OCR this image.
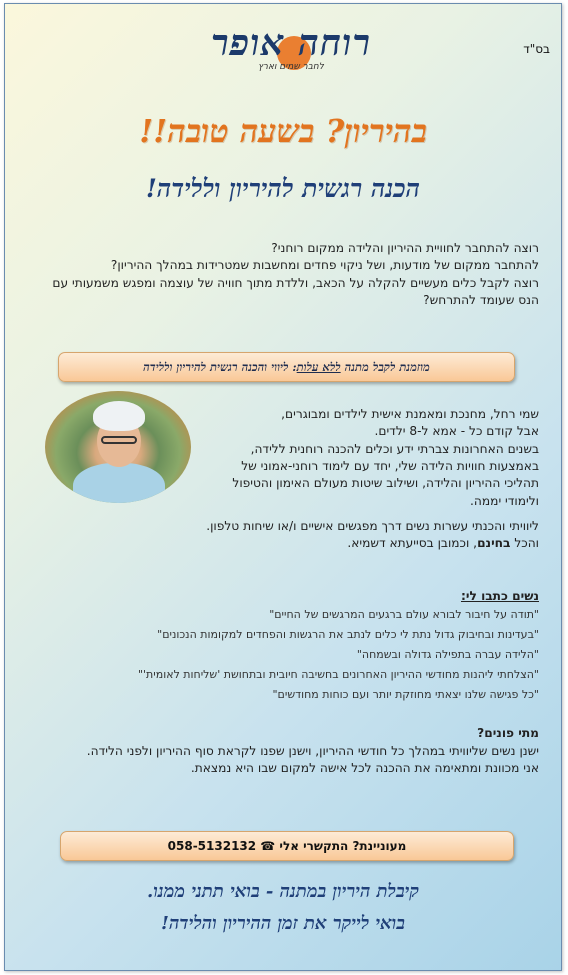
בס"ד
רוחה אופר
לחבר שמים וארץ
בהיריון? בשעה טובה!!
הכנה רגשית להיריון וללידה!

רוצה להתחבר לחוויית ההיריון והלידה ממקום רוחני?

להתחבר ממקום של מודעות, ושל ניקוי פחדים ומחשבות שמטרידות במהלך ההיריון?

רוצה לקבל כלים מעשיים להקלה על הכאב, וללדת מתוך חוויה של עוצמה ומפגש משמעותי עם הנס שעומד להתרחש?

מוזמנת לקבל מתנה ללא עלות: ליווי והכנה רגשית להיריון וללידה

שמי רחל, מחנכת ומאמנת אישית לילדים ומבוגרים,

אבל קודם כל - אמא ל-8 ילדים.

בשנים האחרונות צברתי ידע וכלים להכנה רוחנית ללידה, באמצעות חוויות הלידה שלי, יחד עם לימוד רוחני-אמוני של תהליכי ההיריון והלידה, ושילוב שיטות מעולם האימון והטיפול ולימודי יממה.

ליוויתי והכנתי עשרות נשים דרך מפגשים אישיים ו/או שיחות טלפון.

והכל בחינם, וכמובן בסייעתא דשמיא.

נשים כתבו לי:
"תודה על חיבור לבורא עולם ברגעים המרגשים של החיים"
"בעדינות ובחיבוק גדול נתת לי כלים לנתב את הרגשות והפחדים למקומות הנכונים"
"הלידה עברה בתפילה גדולה ובשמחה"
"הצלחתי ליהנות מחודשי ההיריון האחרונים בחשיבה חיובית ובתחושת 'שליחות לאומית'"
"כל פגישה שלנו יצאתי מחוזקת יותר ועם כוחות מחודשים"
מתי פונים?

ישנן נשים שליוויתי במהלך כל חודשי ההיריון, וישנן שפנו לקראת סוף ההיריון ולפני הלידה.

אני מכוונת ומתאימה את ההכנה לכל אישה למקום שבו היא נמצאת.

מעוניינת? התקשרי אלי ☎ 058-5132132
קיבלת היריון במתנה - בואי תתני ממנו.
בואי לייקר את זמן ההיריון והלידה!
